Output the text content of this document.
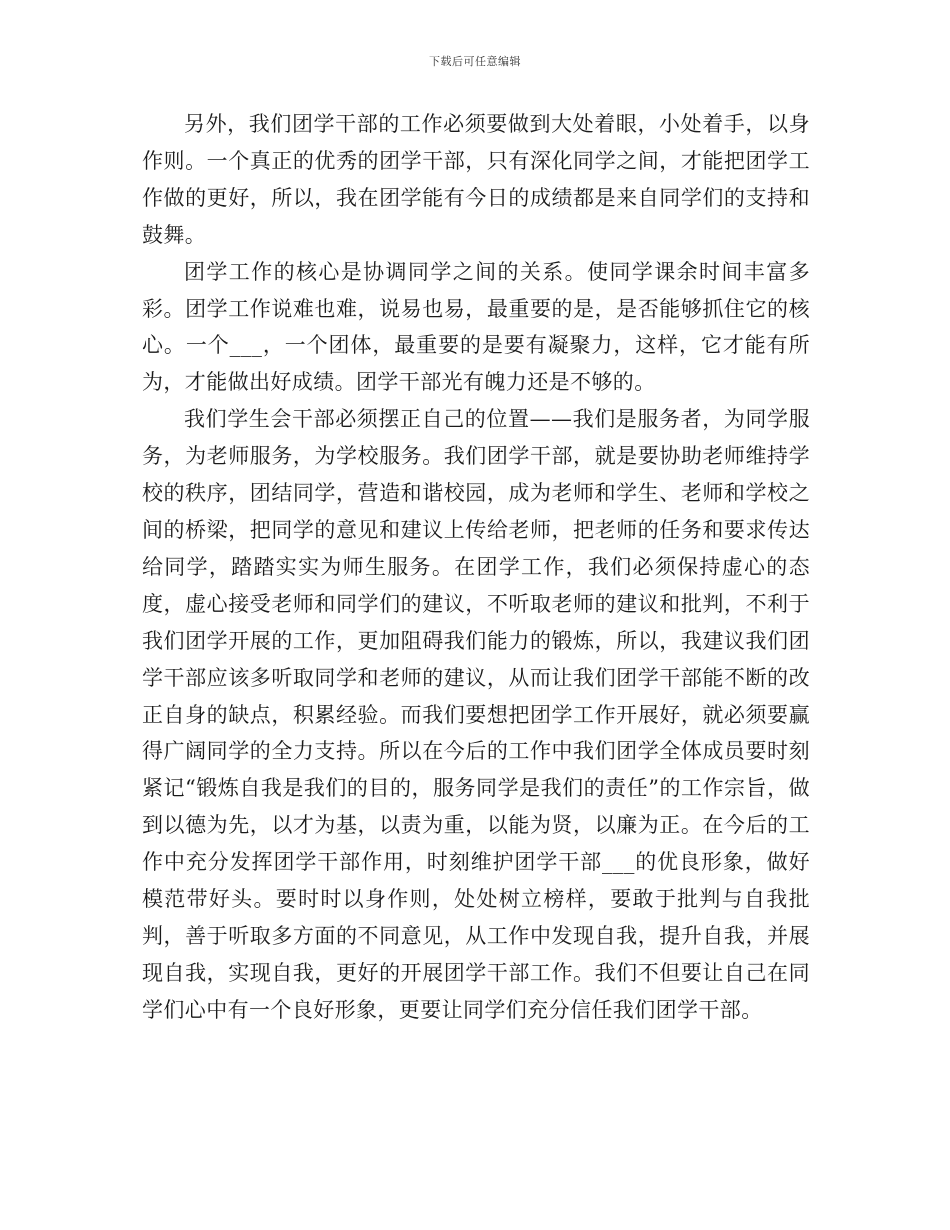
下载后可任意编辑

另外，我们团学干部的工作必须要做到大处着眼，小处着手，以身作则。一个真正的优秀的团学干部，只有深化同学之间，才能把团学工作做的更好，所以，我在团学能有今日的成绩都是来自同学们的支持和鼓舞。

团学工作的核心是协调同学之间的关系。使同学课余时间丰富多彩。团学工作说难也难，说易也易，最重要的是，是否能够抓住它的核心。一个___，一个团体，最重要的是要有凝聚力，这样，它才能有所为，才能做出好成绩。团学干部光有魄力还是不够的。

我们学生会干部必须摆正自己的位置——我们是服务者，为同学服务，为老师服务，为学校服务。我们团学干部，就是要协助老师维持学校的秩序，团结同学，营造和谐校园，成为老师和学生、老师和学校之间的桥梁，把同学的意见和建议上传给老师，把老师的任务和要求传达给同学，踏踏实实为师生服务。在团学工作，我们必须保持虚心的态度，虚心接受老师和同学们的建议，不听取老师的建议和批判，不利于我们团学开展的工作，更加阻碍我们能力的锻炼，所以，我建议我们团学干部应该多听取同学和老师的建议，从而让我们团学干部能不断的改正自身的缺点，积累经验。而我们要想把团学工作开展好，就必须要赢得广阔同学的全力支持。所以在今后的工作中我们团学全体成员要时刻紧记“锻炼自我是我们的目的，服务同学是我们的责任”的工作宗旨，做到以德为先，以才为基，以责为重，以能为贤，以廉为正。在今后的工作中充分发挥团学干部作用，时刻维护团学干部___的优良形象，做好模范带好头。要时时以身作则，处处树立榜样，要敢于批判与自我批判，善于听取多方面的不同意见，从工作中发现自我，提升自我，并展现自我，实现自我，更好的开展团学干部工作。我们不但要让自己在同学们心中有一个良好形象，更要让同学们充分信任我们团学干部。
